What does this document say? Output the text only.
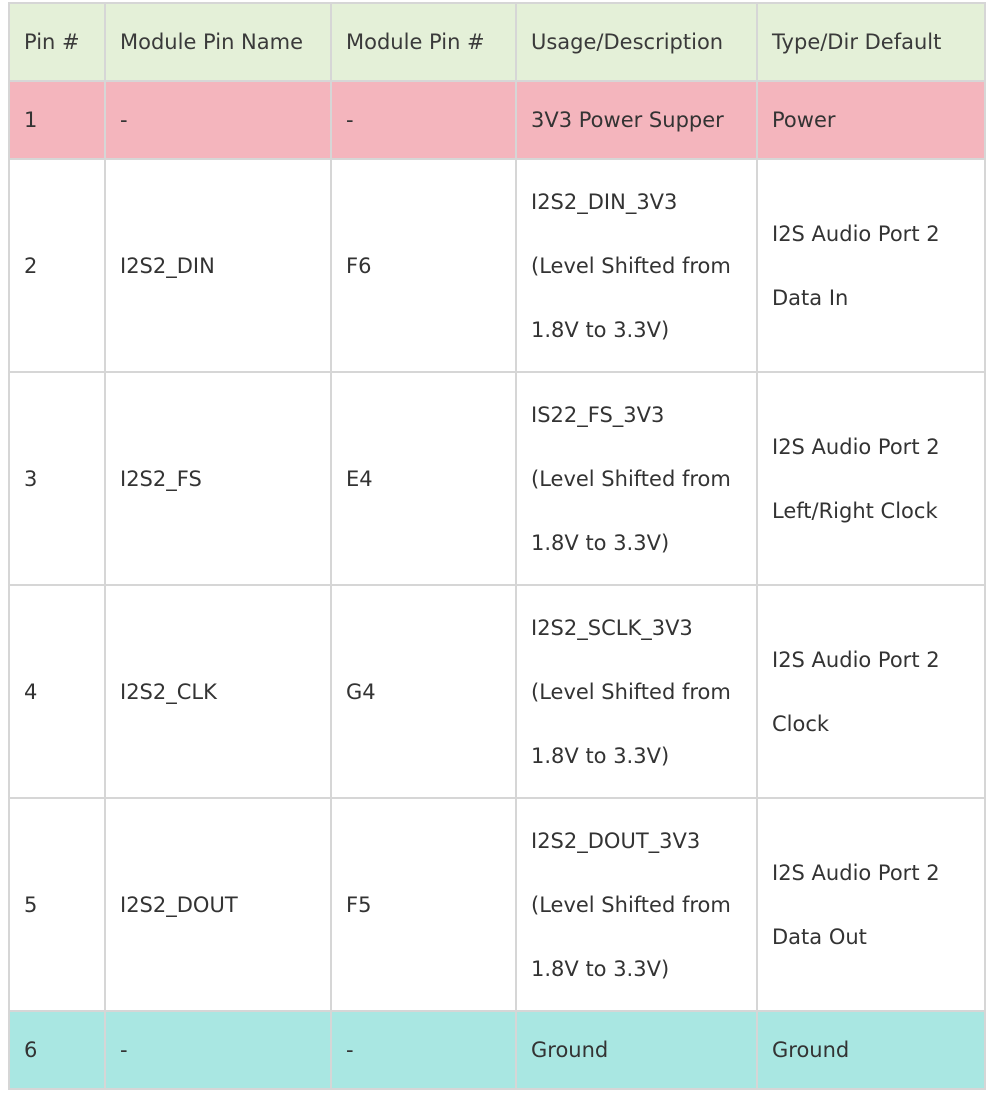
Pin #	Module Pin Name	Module Pin #	Usage/Description	Type/Dir Default
1	-	-	3V3 Power Supper	Power

2	I2S2_DIN	F6	I2S2_DIN_3V3
(Level Shifted from
1.8V to 3.3V)	I2S Audio Port 2
Data In

3	I2S2_FS	E4	IS22_FS_3V3
(Level Shifted from
1.8V to 3.3V)	I2S Audio Port 2
Left/Right Clock

4	I2S2_CLK	G4	I2S2_SCLK_3V3
(Level Shifted from
1.8V to 3.3V)	I2S Audio Port 2
Clock

5	I2S2_DOUT	F5	I2S2_DOUT_3V3
(Level Shifted from
1.8V to 3.3V)	I2S Audio Port 2
Data Out

6	-	-	Ground	Ground
